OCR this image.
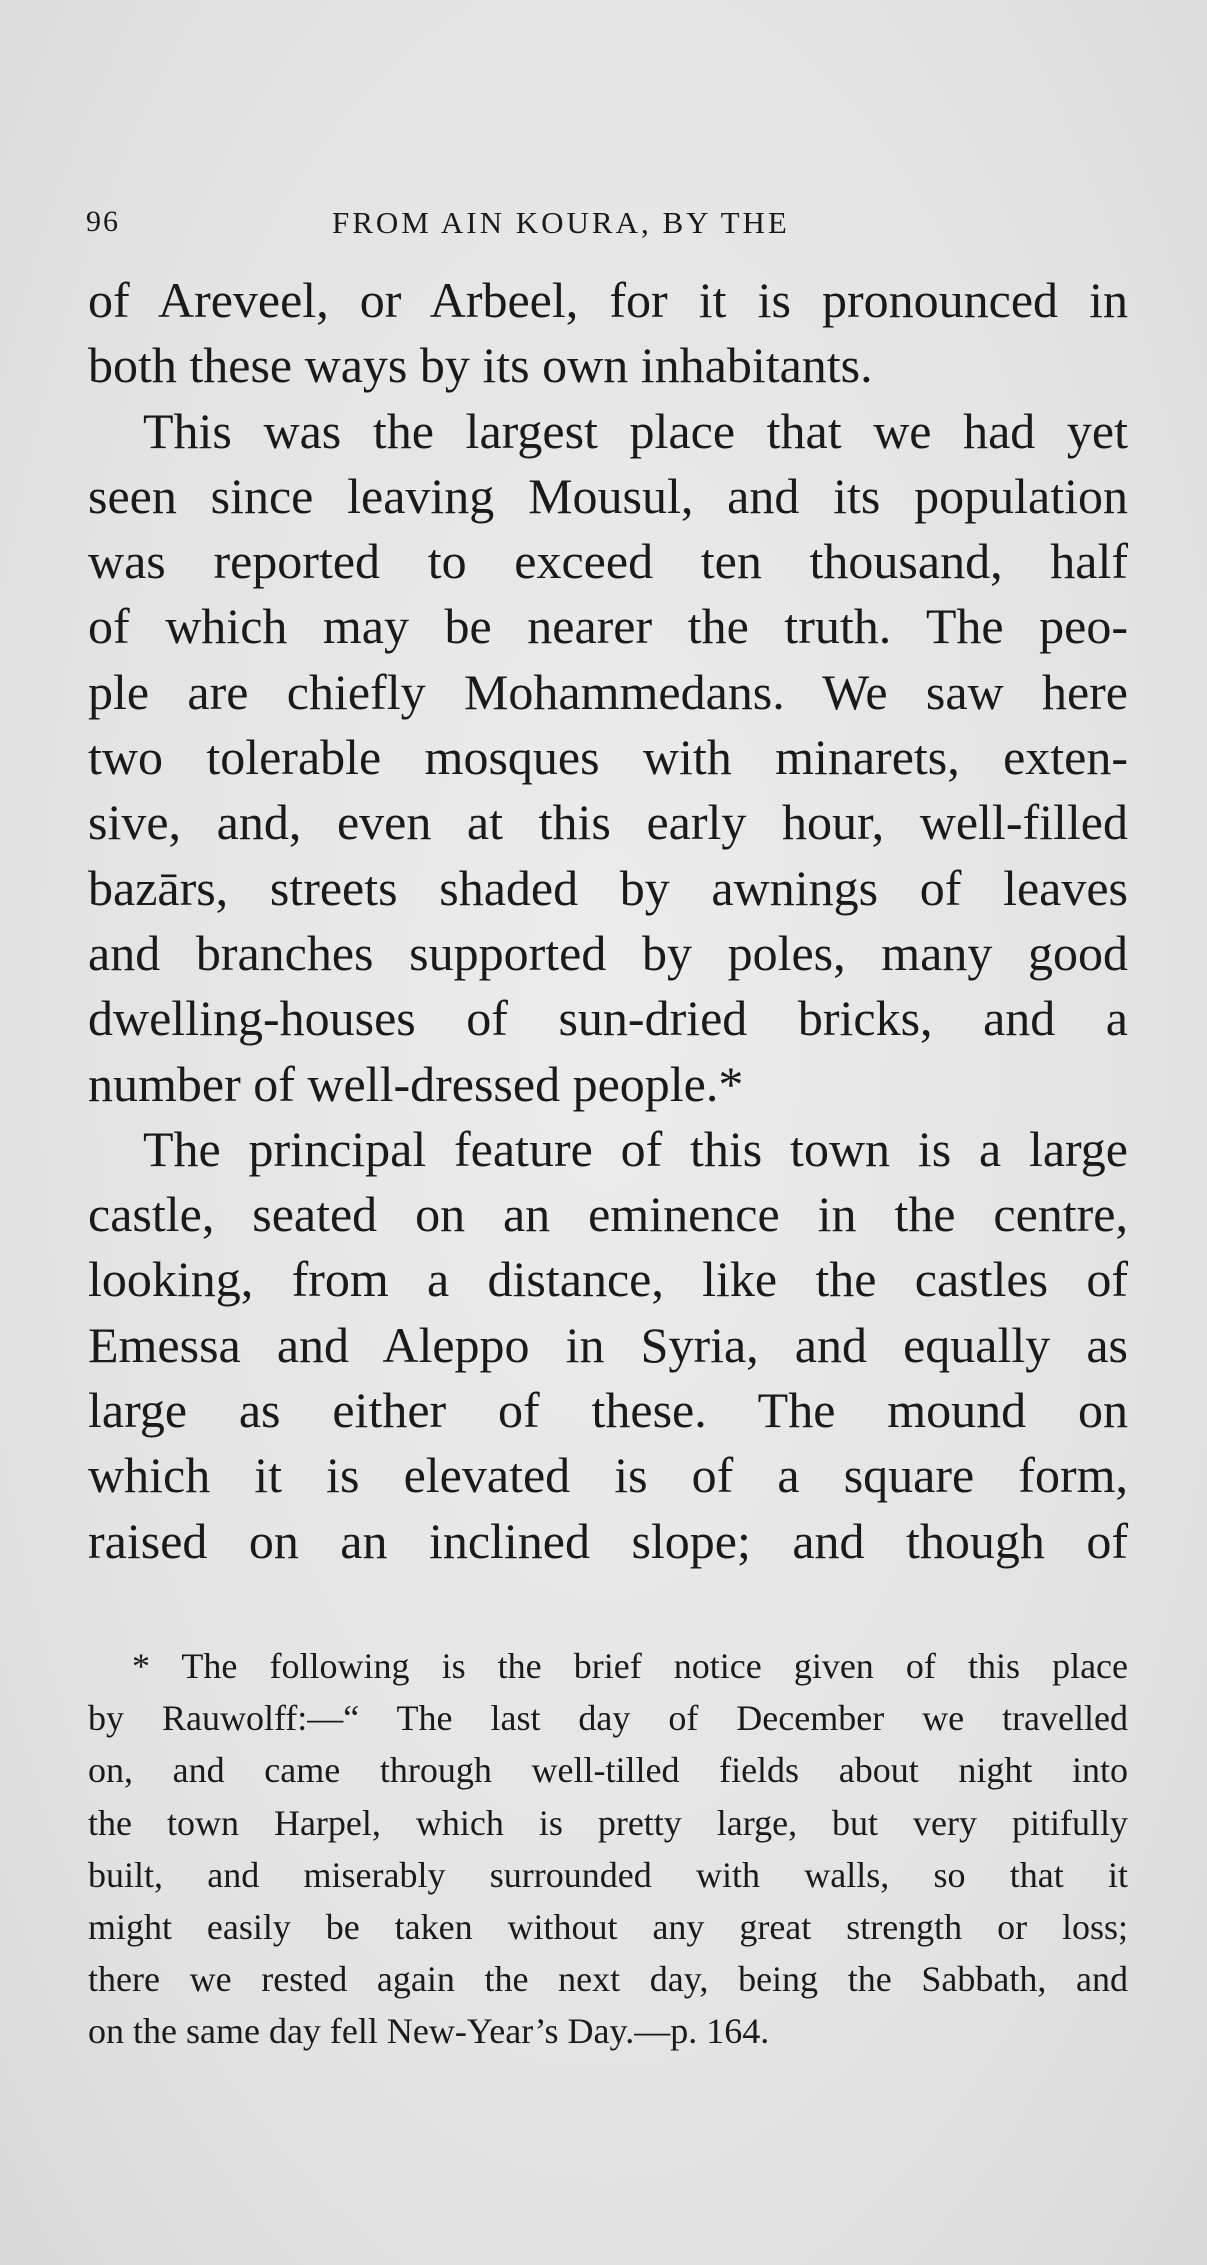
96	FROM AIN KOURA, BY THE
of Areveel, or Arbeel, for it is pronounced in
both these ways by its own inhabitants.
This was the largest place that we had yet
seen since leaving Mousul, and its population
was reported to exceed ten thousand, half
of which may be nearer the truth. The peo-
ple are chiefly Mohammedans. We saw here
two tolerable mosques with minarets, exten-
sive, and, even at this early hour, well-filled
bazārs, streets shaded by awnings of leaves
and branches supported by poles, many good
dwelling-houses of sun-dried bricks, and a
number of well-dressed people.*
The principal feature of this town is a large
castle, seated on an eminence in the centre,
looking, from a distance, like the castles of
Emessa and Aleppo in Syria, and equally as
large as either of these. The mound on
which it is elevated is of a square form,
raised on an inclined slope; and though of
* The following is the brief notice given of this place
by Rauwolff:—“ The last day of December we travelled
on, and came through well-tilled fields about night into
the town Harpel, which is pretty large, but very pitifully
built, and miserably surrounded with walls, so that it
might easily be taken without any great strength or loss;
there we rested again the next day, being the Sabbath, and
on the same day fell New-Year’s Day.—p. 164.
